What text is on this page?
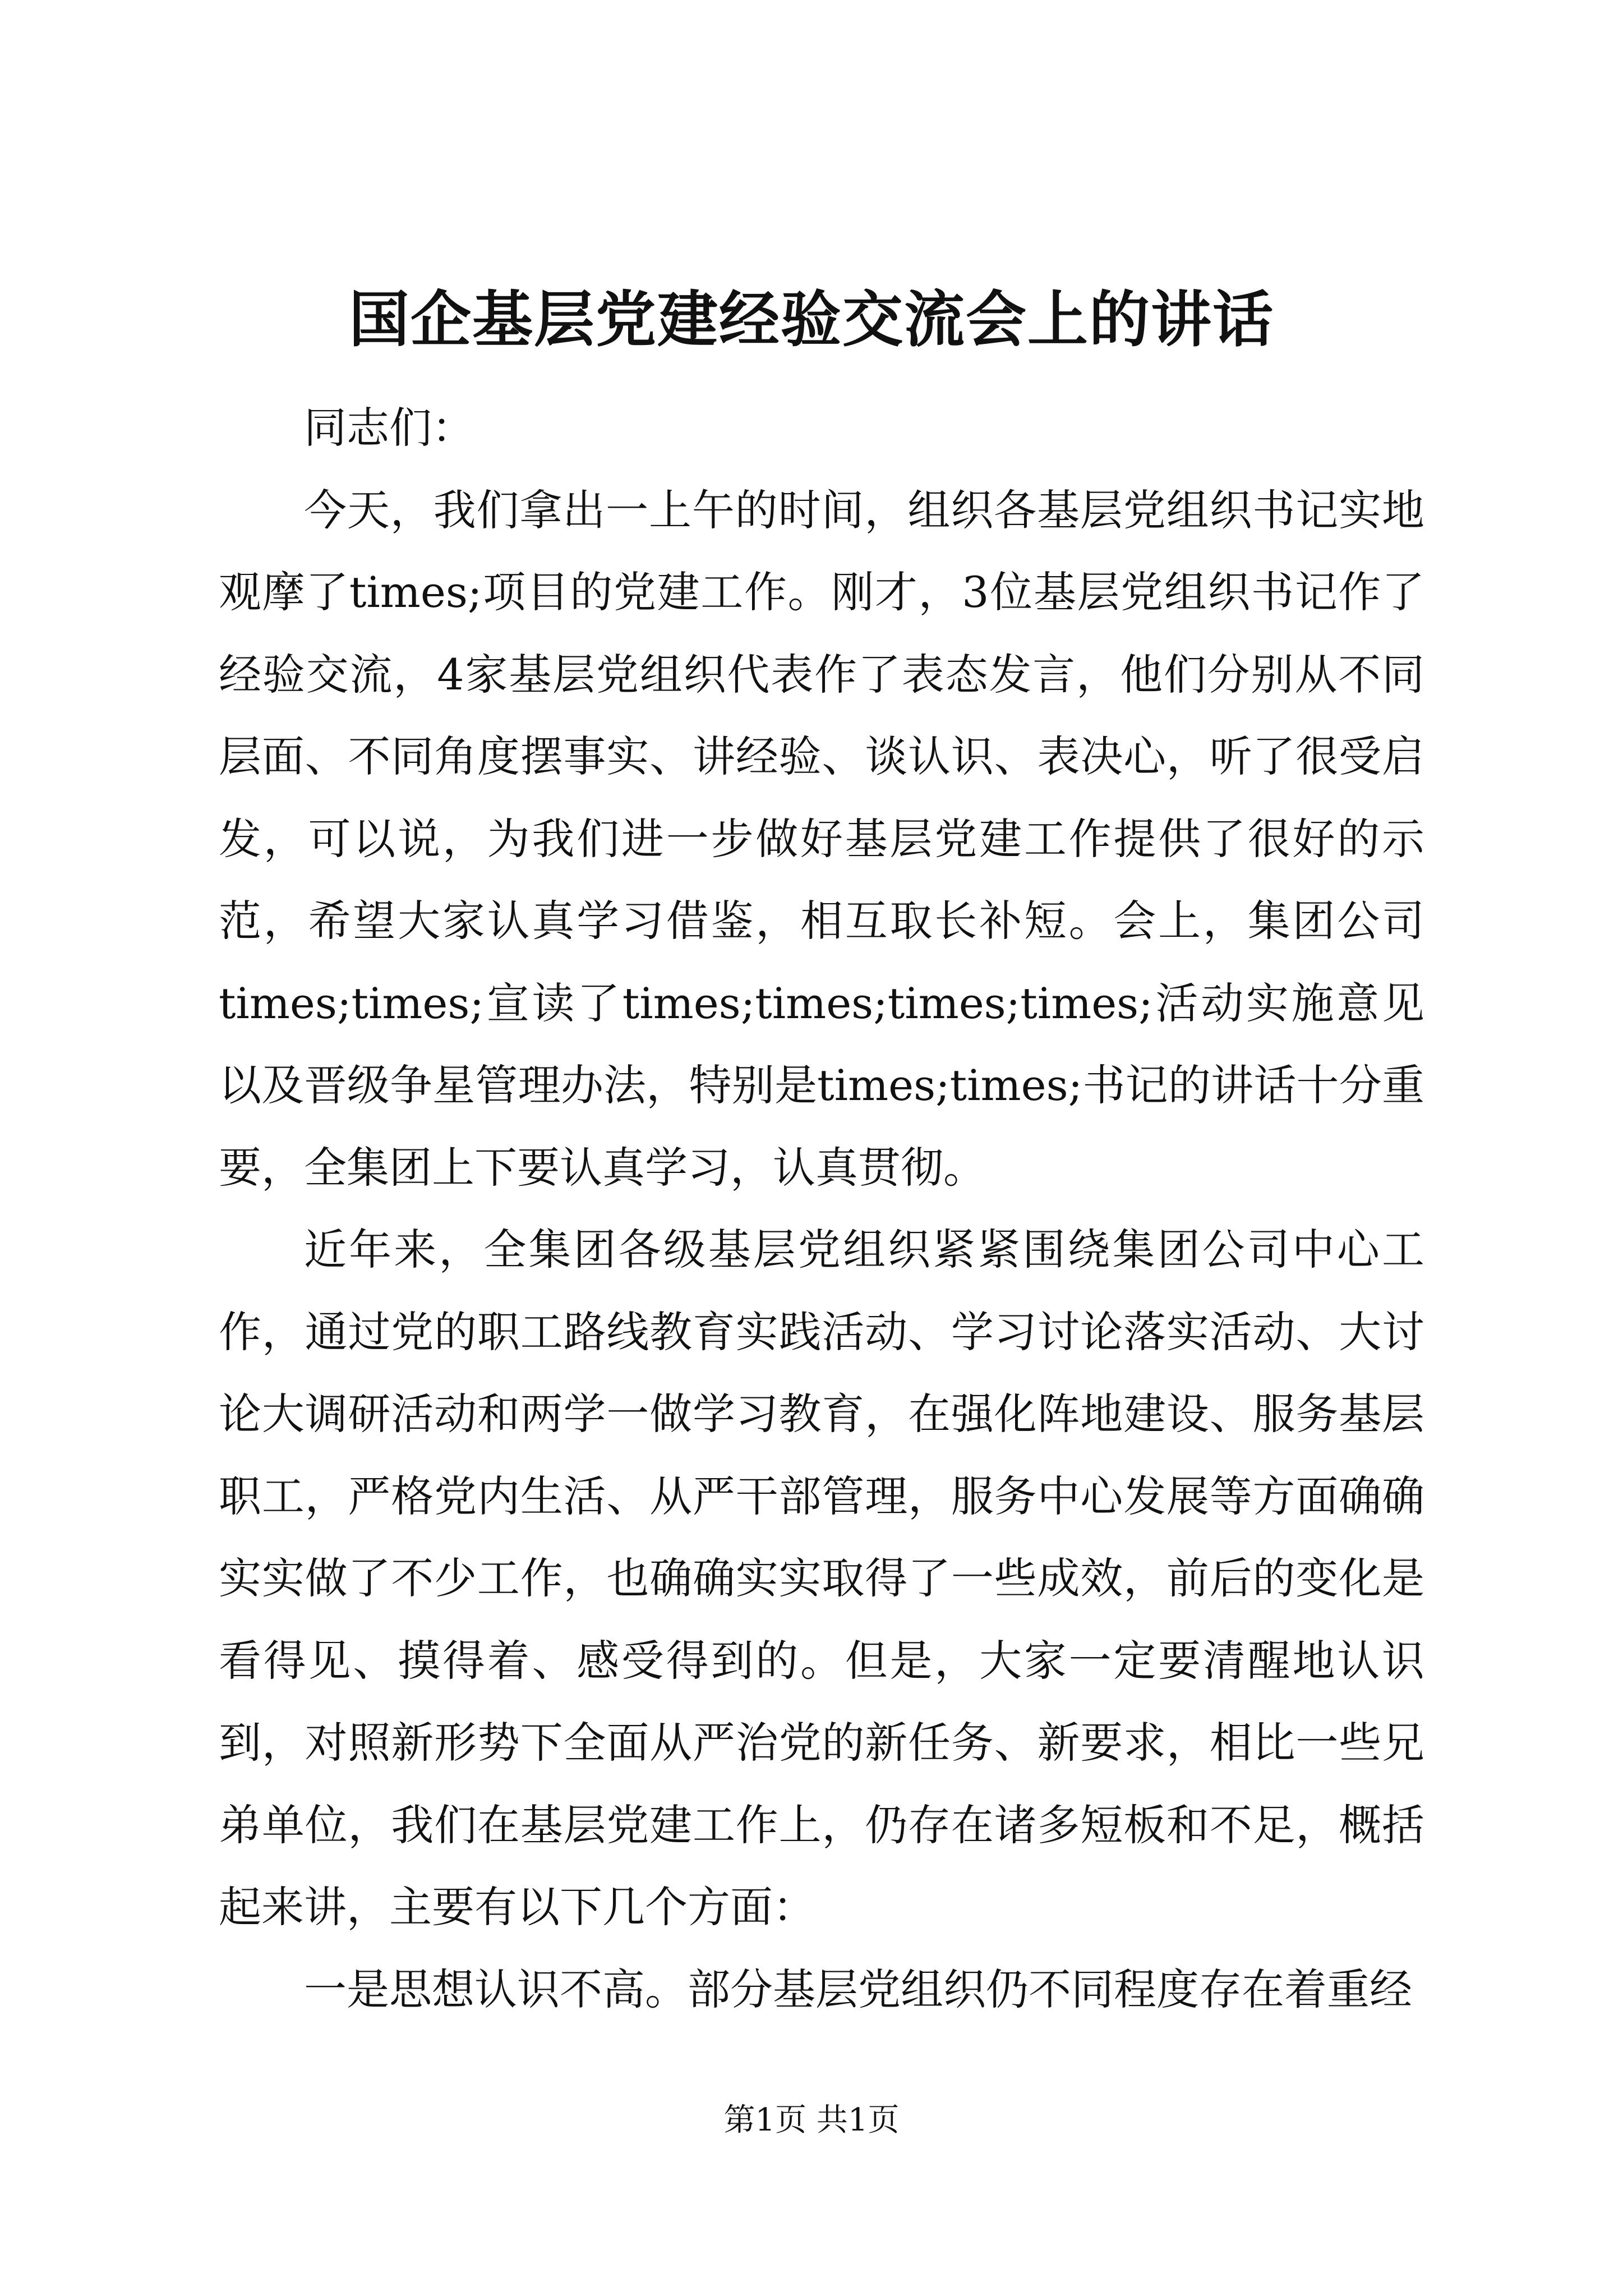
国企基层党建经验交流会上的讲话

同志们：

今天，我们拿出一上午的时间，组织各基层党组织书记实地观摩了times;项目的党建工作。刚才，3位基层党组织书记作了经验交流，4家基层党组织代表作了表态发言，他们分别从不同层面、不同角度摆事实、讲经验、谈认识、表决心，听了很受启发，可以说，为我们进一步做好基层党建工作提供了很好的示范，希望大家认真学习借鉴，相互取长补短。会上，集团公司times;times;宣读了times;times;times;times;活动实施意见以及晋级争星管理办法，特别是times;times;书记的讲话十分重要，全集团上下要认真学习，认真贯彻。

近年来，全集团各级基层党组织紧紧围绕集团公司中心工作，通过党的职工路线教育实践活动、学习讨论落实活动、大讨论大调研活动和两学一做学习教育，在强化阵地建设、服务基层职工，严格党内生活、从严干部管理，服务中心发展等方面确确实实做了不少工作，也确确实实取得了一些成效，前后的变化是看得见、摸得着、感受得到的。但是，大家一定要清醒地认识到，对照新形势下全面从严治党的新任务、新要求，相比一些兄弟单位，我们在基层党建工作上，仍存在诸多短板和不足，概括起来讲，主要有以下几个方面：

一是思想认识不高。部分基层党组织仍不同程度存在着重经

第1页 共1页
